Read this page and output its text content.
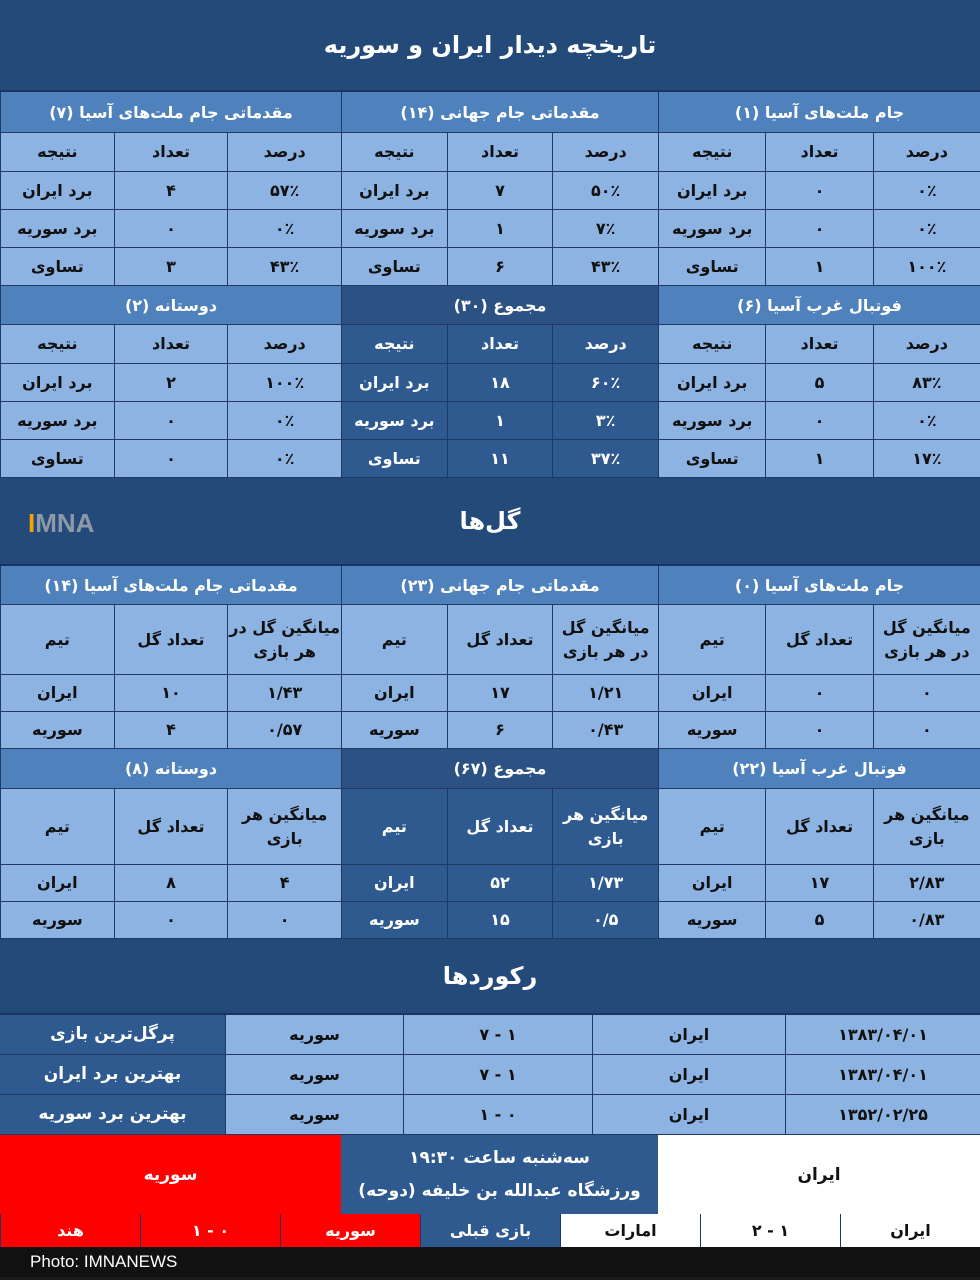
تاریخچه دیدار ایران و سوریه
جام ملت‌های آسیا (۱)
درصد
تعداد
نتیجه
۰٪
۰
برد ایران
۰٪
۰
برد سوریه
۱۰۰٪
۱
تساوی
مقدماتی جام جهانی (۱۴)
درصد
تعداد
نتیجه
۵۰٪
۷
برد ایران
۷٪
۱
برد سوریه
۴۳٪
۶
تساوی
مقدماتی جام ملت‌های آسیا (۷)
درصد
تعداد
نتیجه
۵۷٪
۴
برد ایران
۰٪
۰
برد سوریه
۴۳٪
۳
تساوی
فوتبال غرب آسیا (۶)
درصد
تعداد
نتیجه
۸۳٪
۵
برد ایران
۰٪
۰
برد سوریه
۱۷٪
۱
تساوی
مجموع (۳۰)
درصد
تعداد
نتیجه
۶۰٪
۱۸
برد ایران
۳٪
۱
برد سوریه
۳۷٪
۱۱
تساوی
دوستانه (۲)
درصد
تعداد
نتیجه
۱۰۰٪
۲
برد ایران
۰٪
۰
برد سوریه
۰٪
۰
تساوی
گل‌ها
IMNA
جام ملت‌های آسیا (۰)
میانگین گل در هر بازی
تعداد گل
تیم
۰
۰
ایران
۰
۰
سوریه
مقدماتی جام جهانی (۲۳)
میانگین گل در هر بازی
تعداد گل
تیم
۱/۲۱
۱۷
ایران
۰/۴۳
۶
سوریه
مقدماتی جام ملت‌های آسیا (۱۴)
میانگین گل در هر بازی
تعداد گل
تیم
۱/۴۳
۱۰
ایران
۰/۵۷
۴
سوریه
فوتبال غرب آسیا (۲۲)
میانگین هر بازی
تعداد گل
تیم
۲/۸۳
۱۷
ایران
۰/۸۳
۵
سوریه
مجموع (۶۷)
میانگین هر بازی
تعداد گل
تیم
۱/۷۳
۵۲
ایران
۰/۵
۱۵
سوریه
دوستانه (۸)
میانگین هر بازی
تعداد گل
تیم
۴
۸
ایران
۰
۰
سوریه
رکوردها
۱۳۸۳/۰۴/۰۱
ایران
۷ - ۱
سوریه
پرگل‌ترین بازی
۱۳۸۳/۰۴/۰۱
ایران
۷ - ۱
سوریه
بهترین برد ایران
۱۳۵۲/۰۲/۲۵
ایران
۱ - ۰
سوریه
بهترین برد سوریه
ایران
سه‌شنبه ساعت ۱۹:۳۰
ورزشگاه عبدالله بن خلیفه (دوحه)
سوریه
ایران
۲ - ۱
امارات
بازی قبلی
سوریه
۱ - ۰
هند
Photo: IMNANEWS
